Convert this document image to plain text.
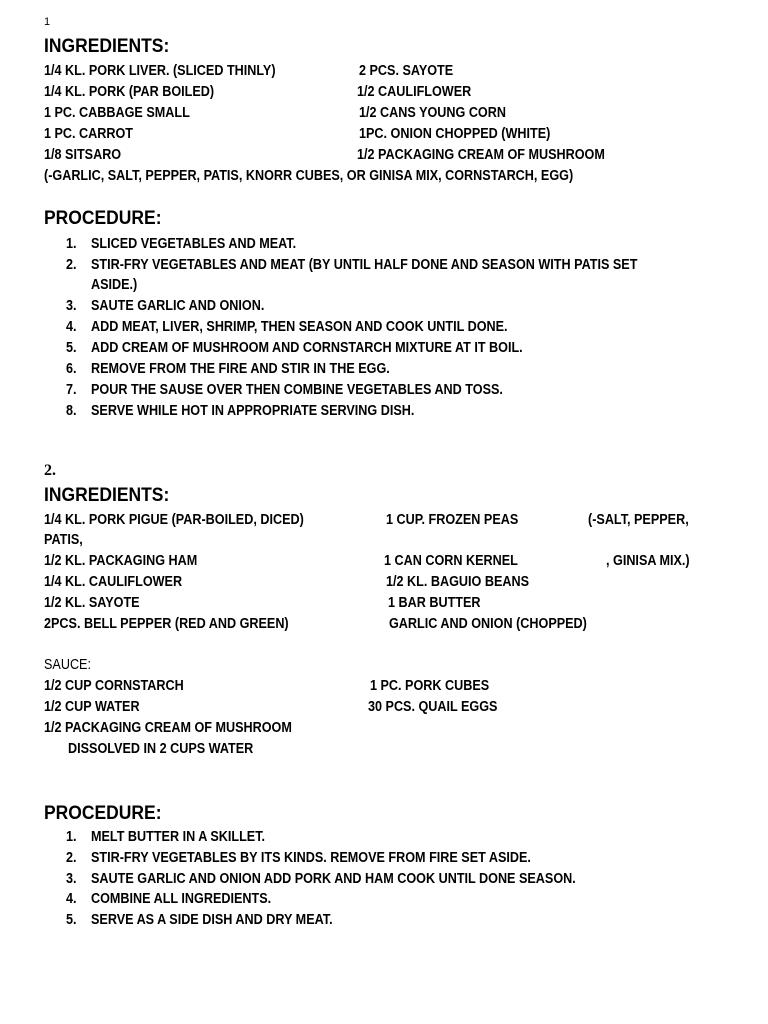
1
INGREDIENTS:
1/4 KL. PORK LIVER. (SLICED THINLY)
1/4 KL. PORK (PAR BOILED)
1 PC. CABBAGE SMALL
1 PC. CARROT
1/8 SITSARO
2 PCS. SAYOTE
1/2 CAULIFLOWER
1/2 CANS YOUNG CORN
1PC. ONION CHOPPED (WHITE)
1/2 PACKAGING CREAM OF MUSHROOM
(-GARLIC, SALT, PEPPER, PATIS, KNORR CUBES, OR GINISA MIX, CORNSTARCH, EGG)
PROCEDURE:
1. SLICED VEGETABLES AND MEAT.
2. STIR-FRY VEGETABLES AND MEAT (BY UNTIL HALF DONE AND SEASON WITH PATIS SET
ASIDE.)
3. SAUTE GARLIC AND ONION.
4. ADD MEAT, LIVER, SHRIMP, THEN SEASON AND COOK UNTIL DONE.
5. ADD CREAM OF MUSHROOM AND CORNSTARCH MIXTURE AT IT BOIL.
6. REMOVE FROM THE FIRE AND STIR IN THE EGG.
7. POUR THE SAUSE OVER THEN COMBINE VEGETABLES AND TOSS.
8. SERVE WHILE HOT IN APPROPRIATE SERVING DISH.
2.
INGREDIENTS:
1/4 KL. PORK PIGUE (PAR-BOILED, DICED)
PATIS,
1/2 KL. PACKAGING HAM
1/4 KL. CAULIFLOWER
1/2 KL. SAYOTE
2PCS. BELL PEPPER (RED AND GREEN)
1 CUP. FROZEN PEAS
1 CAN CORN KERNEL
1/2 KL. BAGUIO BEANS
1 BAR BUTTER
GARLIC AND ONION (CHOPPED)
(-SALT, PEPPER,
, GINISA MIX.)
SAUCE:
1/2 CUP CORNSTARCH
1/2 CUP WATER
1/2 PACKAGING CREAM OF MUSHROOM
DISSOLVED IN 2 CUPS WATER
1 PC. PORK CUBES
30 PCS. QUAIL EGGS
PROCEDURE:
1. MELT BUTTER IN A SKILLET.
2. STIR-FRY VEGETABLES BY ITS KINDS. REMOVE FROM FIRE SET ASIDE.
3. SAUTE GARLIC AND ONION ADD PORK AND HAM COOK UNTIL DONE SEASON.
4. COMBINE ALL INGREDIENTS.
5. SERVE AS A SIDE DISH AND DRY MEAT.
